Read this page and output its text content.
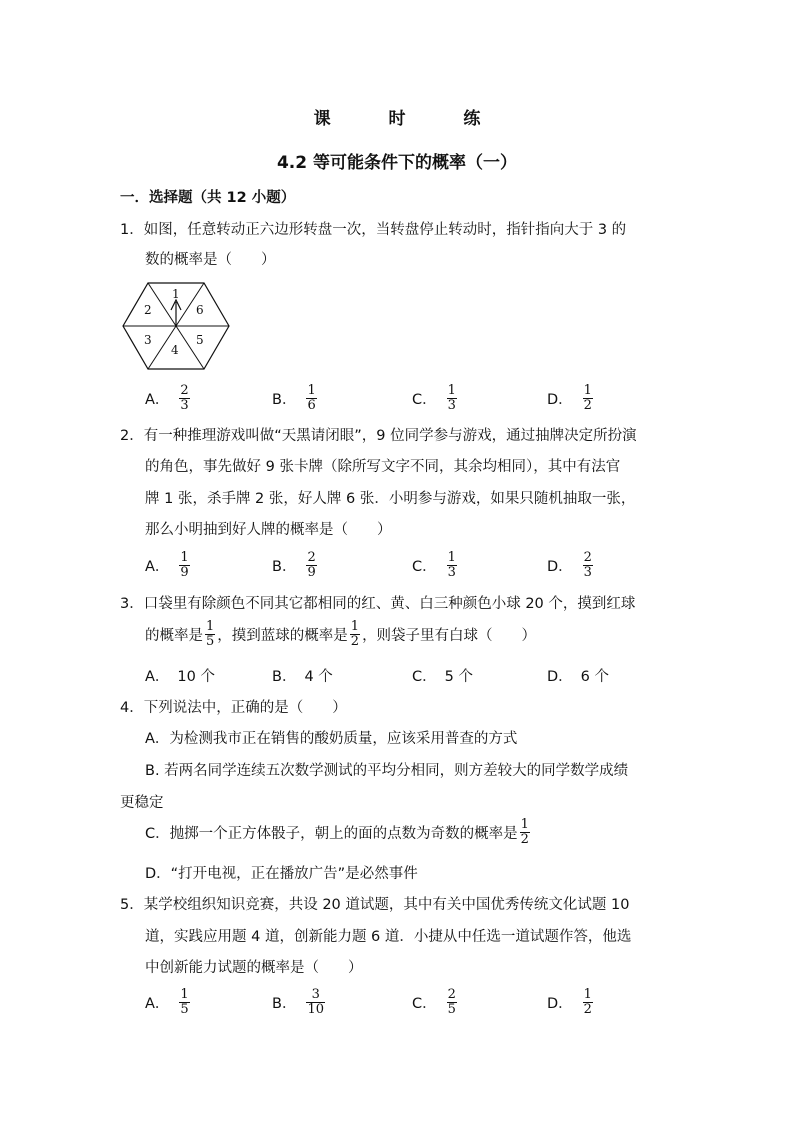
课 时 练
4.2 等可能条件下的概率（一）
一．选择题（共 12 小题）
1．如图，任意转动正六边形转盘一次，当转盘停止转动时，指针指向大于 3 的
数的概率是（　　）
1
2
3
4
5
6
A． $\frac{2}{3}$	B． $\frac{1}{6}$	C． $\frac{1}{3}$	D． $\frac{1}{2}$
2．有一种推理游戏叫做“天黑请闭眼”，9 位同学参与游戏，通过抽牌决定所扮演
的角色，事先做好 9 张卡牌（除所写文字不同，其余均相同），其中有法官
牌 1 张，杀手牌 2 张，好人牌 6 张．小明参与游戏，如果只随机抽取一张，
那么小明抽到好人牌的概率是（　　）
A． $\frac{1}{9}$	B． $\frac{2}{9}$	C． $\frac{1}{3}$	D． $\frac{2}{3}$
3．口袋里有除颜色不同其它都相同的红、黄、白三种颜色小球 20 个，摸到红球
的概率是 $\frac{1}{5}$ ，摸到蓝球的概率是 $\frac{1}{2}$ ，则袋子里有白球（　　）
A． 10 个	B． 4 个	C． 5 个	D． 6 个
4．下列说法中，正确的是（　　）
A．为检测我市正在销售的酸奶质量，应该采用普查的方式
B. 若两名同学连续五次数学测试的平均分相同，则方差较大的同学数学成绩
更稳定
C．抛掷一个正方体骰子，朝上的面的点数为奇数的概率是 $\frac{1}{2}$
D．“打开电视，正在播放广告”是必然事件
5．某学校组织知识竞赛，共设 20 道试题，其中有关中国优秀传统文化试题 10
道，实践应用题 4 道，创新能力题 6 道．小捷从中任选一道试题作答，他选
中创新能力试题的概率是（　　）
A． $\frac{1}{5}$	B． $\frac{3}{10}$	C． $\frac{2}{5}$	D． $\frac{1}{2}$
